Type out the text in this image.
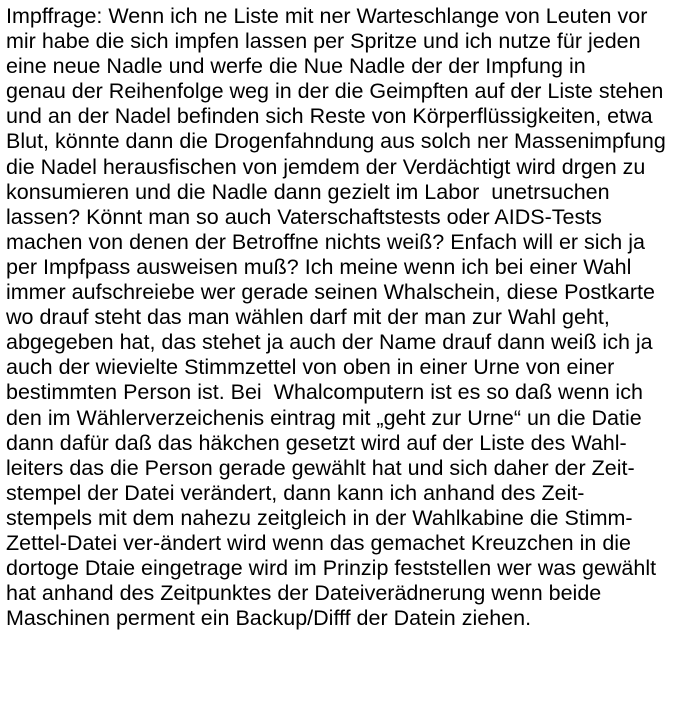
Impffrage: Wenn ich ne Liste mit ner Warteschlange von Leuten vor
mir habe die sich impfen lassen per Spritze und ich nutze für jeden
eine neue Nadle und werfe die Nue Nadle der der Impfung in
genau der Reihenfolge weg in der die Geimpften auf der Liste stehen
und an der Nadel befinden sich Reste von Körperflüssigkeiten, etwa
Blut, könnte dann die Drogenfahndung aus solch ner Massenimpfung
die Nadel herausfischen von jemdem der Verdächtigt wird drgen zu
konsumieren und die Nadle dann gezielt im Labor  unetrsuchen
lassen? Könnt man so auch Vaterschaftstests oder AIDS-Tests
machen von denen der Betroffne nichts weiß? Enfach will er sich ja
per Impfpass ausweisen muß? Ich meine wenn ich bei einer Wahl
immer aufschreiebe wer gerade seinen Whalschein, diese Postkarte
wo drauf steht das man wählen darf mit der man zur Wahl geht,
abgegeben hat, das stehet ja auch der Name drauf dann weiß ich ja
auch der wievielte Stimmzettel von oben in einer Urne von einer
bestimmten Person ist. Bei  Whalcomputern ist es so daß wenn ich
den im Wählerverzeichenis eintrag mit „geht zur Urne“ un die Datie
dann dafür daß das häkchen gesetzt wird auf der Liste des Wahl-
leiters das die Person gerade gewählt hat und sich daher der Zeit-
stempel der Datei verändert, dann kann ich anhand des Zeit-
stempels mit dem nahezu zeitgleich in der Wahlkabine die Stimm-
Zettel-Datei ver-ändert wird wenn das gemachet Kreuzchen in die
dortoge Dtaie eingetrage wird im Prinzip feststellen wer was gewählt
hat anhand des Zeitpunktes der Dateiverädnerung wenn beide
Maschinen perment ein Backup/Difff der Datein ziehen.
